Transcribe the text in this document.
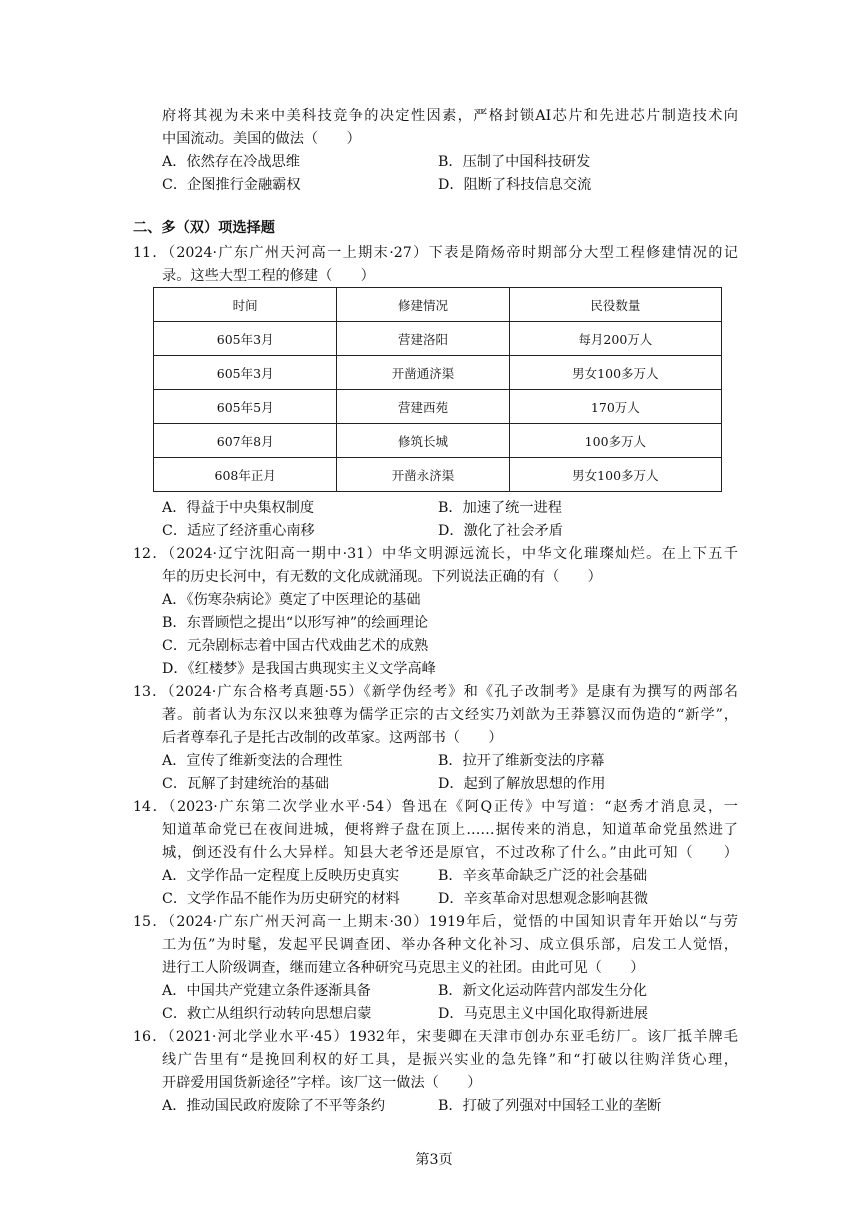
府将其视为未来中美科技竞争的决定性因素，严格封锁AI芯片和先进芯片制造技术向
中国流动。美国的做法（　　）
A．依然存在冷战思维	B．压制了中国科技研发
C．企图推行金融霸权	D．阻断了科技信息交流
二、多（双）项选择题
11．（2024·广东广州天河高一上期末·27）下表是隋炀帝时期部分大型工程修建情况的记
录。这些大型工程的修建（　　）
时间	修建情况	民役数量
605年3月	营建洛阳	每月200万人
605年3月	开凿通济渠	男女100多万人
605年5月	营建西苑	170万人
607年8月	修筑长城	100多万人
608年正月	开凿永济渠	男女100多万人
A．得益于中央集权制度	B．加速了统一进程
C．适应了经济重心南移	D．激化了社会矛盾
12．（2024·辽宁沈阳高一期中·31）中华文明源远流长，中华文化璀璨灿烂。在上下五千
年的历史长河中，有无数的文化成就涌现。下列说法正确的有（　　）
A．《伤寒杂病论》奠定了中医理论的基础
B．东晋顾恺之提出“以形写神”的绘画理论
C．元杂剧标志着中国古代戏曲艺术的成熟
D．《红楼梦》是我国古典现实主义文学高峰
13．（2024·广东合格考真题·55）《新学伪经考》和《孔子改制考》是康有为撰写的两部名
著。前者认为东汉以来独尊为儒学正宗的古文经实乃刘歆为王莽篡汉而伪造的“新学”，
后者尊奉孔子是托古改制的改革家。这两部书（　　）
A．宣传了维新变法的合理性	B．拉开了维新变法的序幕
C．瓦解了封建统治的基础	D．起到了解放思想的作用
14．（2023·广东第二次学业水平·54）鲁迅在《阿Q正传》中写道：“赵秀才消息灵，一
知道革命党已在夜间进城，便将辫子盘在顶上……据传来的消息，知道革命党虽然进了
城，倒还没有什么大异样。知县大老爷还是原官，不过改称了什么。”由此可知（　　）
A．文学作品一定程度上反映历史真实	B．辛亥革命缺乏广泛的社会基础
C．文学作品不能作为历史研究的材料	D．辛亥革命对思想观念影响甚微
15．（2024·广东广州天河高一上期末·30）1919年后，觉悟的中国知识青年开始以“与劳
工为伍”为时髦，发起平民调查团、举办各种文化补习、成立俱乐部，启发工人觉悟，
进行工人阶级调查，继而建立各种研究马克思主义的社团。由此可见（　　）
A．中国共产党建立条件逐渐具备	B．新文化运动阵营内部发生分化
C．救亡从组织行动转向思想启蒙	D．马克思主义中国化取得新进展
16．（2021·河北学业水平·45）1932年，宋斐卿在天津市创办东亚毛纺厂。该厂抵羊牌毛
线广告里有“是挽回利权的好工具，是振兴实业的急先锋”和“打破以往购洋货心理，
开辟爱用国货新途径”字样。该厂这一做法（　　）
A．推动国民政府废除了不平等条约	B．打破了列强对中国轻工业的垄断
第3页
